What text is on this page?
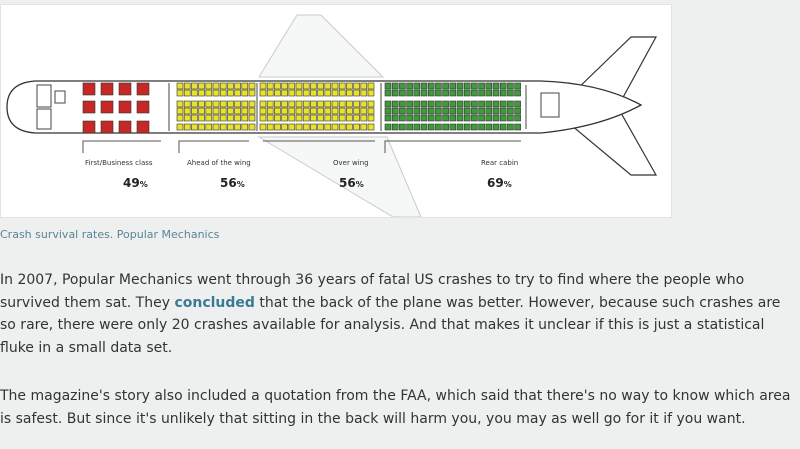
First/Business class
49%
Ahead of the wing
56%
Over wing
56%
Rear cabin
69%
Crash survival rates. Popular Mechanics

In 2007, Popular Mechanics went through 36 years of fatal US crashes to try to find where the people who survived them sat. They concluded that the back of the plane was better. However, because such crashes are so rare, there were only 20 crashes available for analysis. And that makes it unclear if this is just a statistical fluke in a small data set.

The magazine's story also included a quotation from the FAA, which said that there's no way to know which area is safest. But since it's unlikely that sitting in the back will harm you, you may as well go for it if you want.
